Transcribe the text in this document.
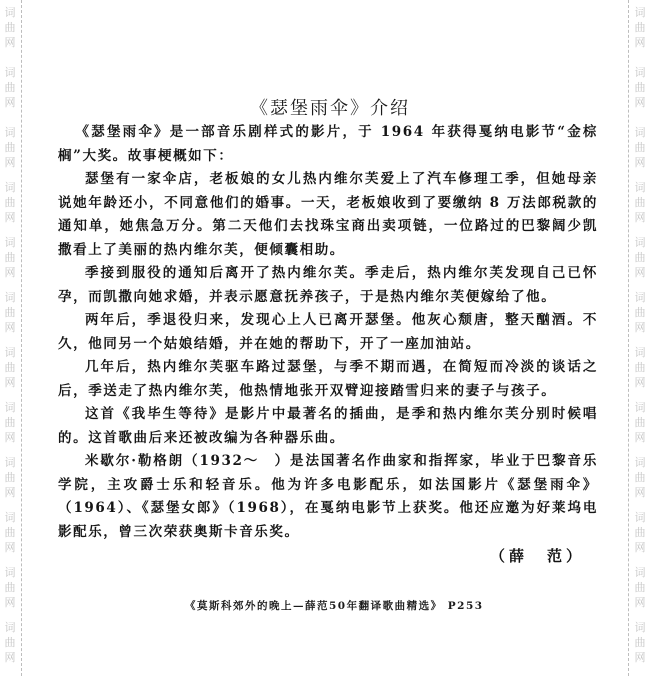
词
曲
网
词
曲
网
词
曲
网
词
曲
网
词
曲
网
词
曲
网
词
曲
网
词
曲
网
词
曲
网
词
曲
网
词
曲
网
词
曲
网
词
曲
网
词
曲
网
词
曲
网
词
曲
网
词
曲
网
词
曲
网
词
曲
网
词
曲
网
词
曲
网
词
曲
网
词
曲
网
词
曲
网
《瑟堡雨伞》介绍

《瑟堡雨伞》是一部音乐剧样式的影片，于 1964 年获得戛纳电影节“金棕榈”大奖。故事梗概如下：

瑟堡有一家伞店，老板娘的女儿热内维尔芙爱上了汽车修理工季，但她母亲说她年龄还小，不同意他们的婚事。一天，老板娘收到了要缴纳 8 万法郎税款的通知单，她焦急万分。第二天他们去找珠宝商出卖项链，一位路过的巴黎阔少凯撒看上了美丽的热内维尔芙，便倾囊相助。

季接到服役的通知后离开了热内维尔芙。季走后，热内维尔芙发现自己已怀孕，而凯撒向她求婚，并表示愿意抚养孩子，于是热内维尔芙便嫁给了他。

两年后，季退役归来，发现心上人已离开瑟堡。他灰心颓唐，整天酗酒。不久，他同另一个姑娘结婚，并在她的帮助下，开了一座加油站。

几年后，热内维尔芙驱车路过瑟堡，与季不期而遇，在简短而冷淡的谈话之后，季送走了热内维尔芙，他热情地张开双臂迎接踏雪归来的妻子与孩子。

这首《我毕生等待》是影片中最著名的插曲，是季和热内维尔芙分别时候唱的。这首歌曲后来还被改编为各种器乐曲。

米歇尔·勒格朗（1932～　）是法国著名作曲家和指挥家，毕业于巴黎音乐学院，主攻爵士乐和轻音乐。他为许多电影配乐，如法国影片《瑟堡雨伞》（1964）、《瑟堡女郎》（1968），在戛纳电影节上获奖。他还应邀为好莱坞电影配乐，曾三次荣获奥斯卡音乐奖。

（薛　范）
《莫斯科郊外的晚上—薛范50年翻译歌曲精选》 P253
